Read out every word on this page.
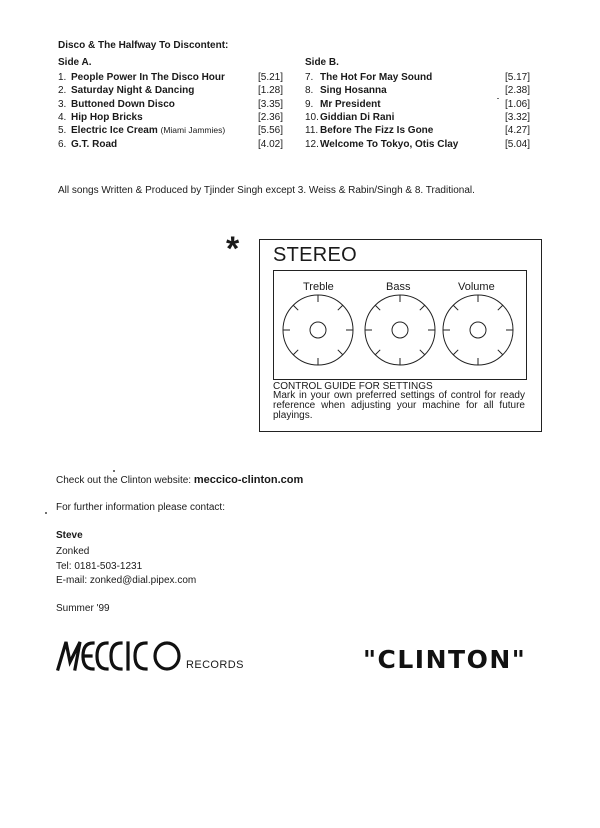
Disco & The Halfway To Discontent:
Side A.
1. People Power In The Disco Hour	[5.21]
2. Saturday Night & Dancing	[1.28]
3. Buttoned Down Disco	[3.35]
4. Hip Hop Bricks	[2.36]
5. Electric Ice Cream (Miami Jammies)	[5.56]
6. G.T. Road	[4.02]
Side B.
7. The Hot For May Sound	[5.17]
8. Sing Hosanna	[2.38]
9. Mr President	[1.06]
10.Giddian Di Rani	[3.32]
11. Before The Fizz Is Gone	[4.27]
12.Welcome To Tokyo, Otis Clay	[5.04]
All songs Written & Produced by Tjinder Singh except 3. Weiss & Rabin/Singh & 8. Traditional.
* STEREO
Treble	Bass	Volume
CONTROL GUIDE FOR SETTINGS
Mark in your own preferred settings of control for ready reference when adjusting your machine for all future playings.
Check out the Clinton website: meccico-clinton.com
For further information please contact:
Steve
Zonked
Tel: 0181-503-1231
E-mail: zonked@dial.pipex.com
Summer '99
RECORDS	"CLINTON"
